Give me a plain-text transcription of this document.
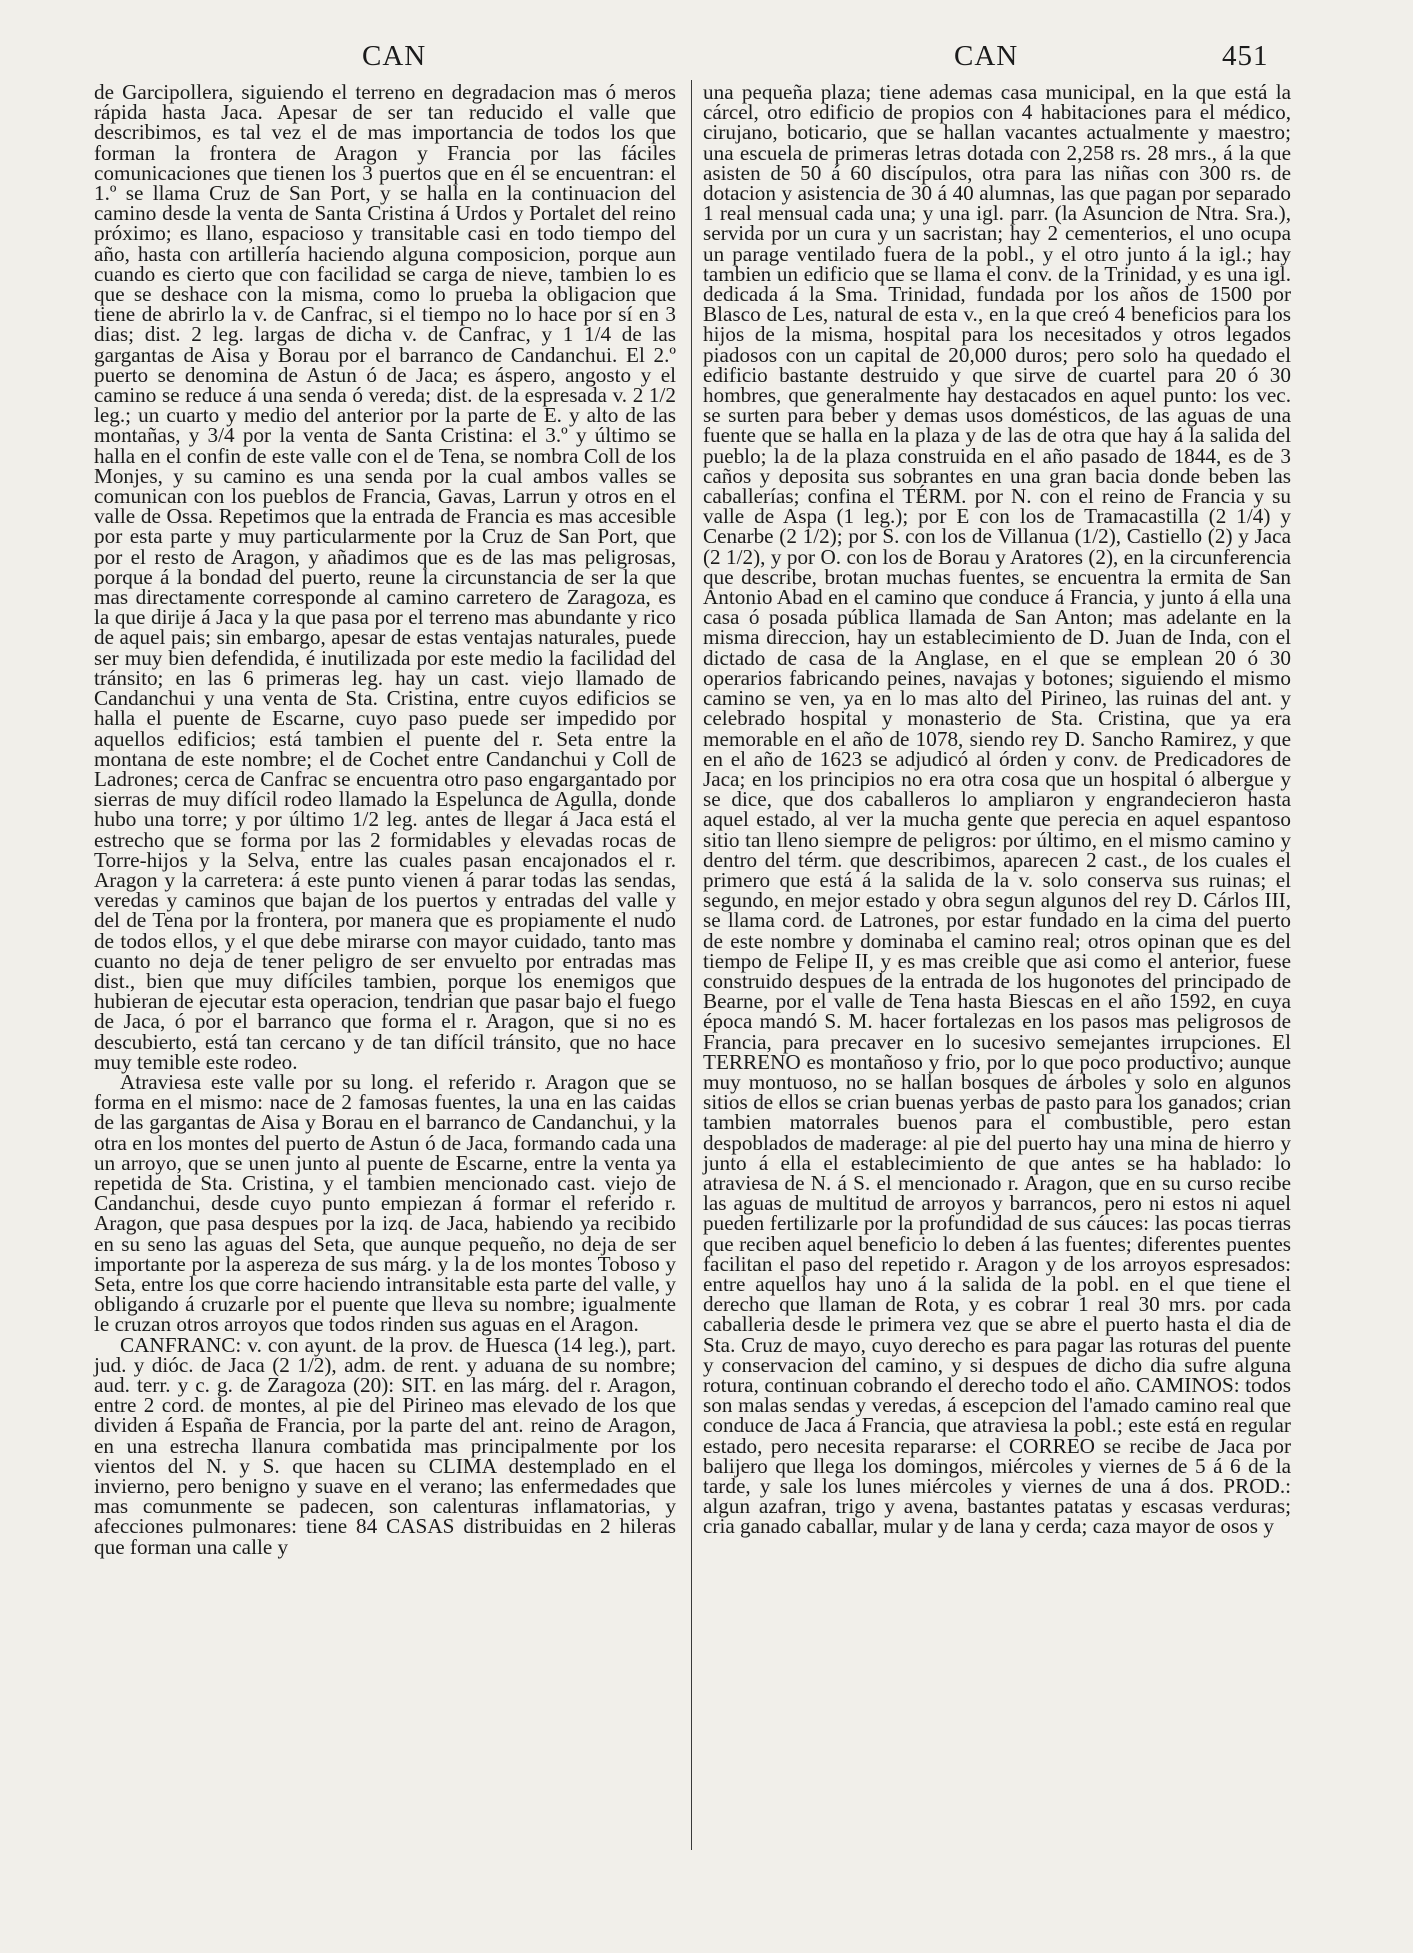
CAN	CAN	451

de Garcipollera, siguiendo el terreno en degradacion mas ó meros rápida hasta Jaca. Apesar de ser tan reducido el valle que describimos, es tal vez el de mas importancia de todos los que forman la frontera de Aragon y Francia por las fáciles comunicaciones que tienen los 3 puertos que en él se encuentran: el 1.º se llama Cruz de San Port, y se halla en la continuacion del camino desde la venta de Santa Cristina á Urdos y Portalet del reino próximo; es llano, espacioso y transitable casi en todo tiempo del año, hasta con artillería haciendo alguna composicion, porque aun cuando es cierto que con facilidad se carga de nieve, tambien lo es que se deshace con la misma, como lo prueba la obligacion que tiene de abrirlo la v. de Canfrac, si el tiempo no lo hace por sí en 3 dias; dist. 2 leg. largas de dicha v. de Canfrac, y 1 1/4 de las gargantas de Aisa y Borau por el barranco de Candanchui. El 2.º puerto se denomina de Astun ó de Jaca; es áspero, angosto y el camino se reduce á una senda ó vereda; dist. de la espresada v. 2 1/2 leg.; un cuarto y medio del anterior por la parte de E. y alto de las montañas, y 3/4 por la venta de Santa Cristina: el 3.º y último se halla en el confin de este valle con el de Tena, se nombra Coll de los Monjes, y su camino es una senda por la cual ambos valles se comunican con los pueblos de Francia, Gavas, Larrun y otros en el valle de Ossa. Repetimos que la entrada de Francia es mas accesible por esta parte y muy particularmente por la Cruz de San Port, que por el resto de Aragon, y añadimos que es de las mas peligrosas, porque á la bondad del puerto, reune la circunstancia de ser la que mas directamente corresponde al camino carretero de Zaragoza, es la que dirije á Jaca y la que pasa por el terreno mas abundante y rico de aquel pais; sin embargo, apesar de estas ventajas naturales, puede ser muy bien defendida, é inutilizada por este medio la facilidad del tránsito; en las 6 primeras leg. hay un cast. viejo llamado de Candanchui y una venta de Sta. Cristina, entre cuyos edificios se halla el puente de Escarne, cuyo paso puede ser impedido por aquellos edificios; está tambien el puente del r. Seta entre la montana de este nombre; el de Cochet entre Candanchui y Coll de Ladrones; cerca de Canfrac se encuentra otro paso engargantado por sierras de muy difícil rodeo llamado la Espelunca de Agulla, donde hubo una torre; y por último 1/2 leg. antes de llegar á Jaca está el estrecho que se forma por las 2 formidables y elevadas rocas de Torre-hijos y la Selva, entre las cuales pasan encajonados el r. Aragon y la carretera: á este punto vienen á parar todas las sendas, veredas y caminos que bajan de los puertos y entradas del valle y del de Tena por la frontera, por manera que es propiamente el nudo de todos ellos, y el que debe mirarse con mayor cuidado, tanto mas cuanto no deja de tener peligro de ser envuelto por entradas mas dist., bien que muy difíciles tambien, porque los enemigos que hubieran de ejecutar esta operacion, tendrian que pasar bajo el fuego de Jaca, ó por el barranco que forma el r. Aragon, que si no es descubierto, está tan cercano y de tan difícil tránsito, que no hace muy temible este rodeo.

Atraviesa este valle por su long. el referido r. Aragon que se forma en el mismo: nace de 2 famosas fuentes, la una en las caidas de las gargantas de Aisa y Borau en el barranco de Candanchui, y la otra en los montes del puerto de Astun ó de Jaca, formando cada una un arroyo, que se unen junto al puente de Escarne, entre la venta ya repetida de Sta. Cristina, y el tambien mencionado cast. viejo de Candanchui, desde cuyo punto empiezan á formar el referido r. Aragon, que pasa despues por la izq. de Jaca, habiendo ya recibido en su seno las aguas del Seta, que aunque pequeño, no deja de ser importante por la aspereza de sus márg. y la de los montes Toboso y Seta, entre los que corre haciendo intransitable esta parte del valle, y obligando á cruzarle por el puente que lleva su nombre; igualmente le cruzan otros arroyos que todos rinden sus aguas en el Aragon.

CANFRANC: v. con ayunt. de la prov. de Huesca (14 leg.), part. jud. y dióc. de Jaca (2 1/2), adm. de rent. y aduana de su nombre; aud. terr. y c. g. de Zaragoza (20): SIT. en las márg. del r. Aragon, entre 2 cord. de montes, al pie del Pirineo mas elevado de los que dividen á España de Francia, por la parte del ant. reino de Aragon, en una estrecha llanura combatida mas principalmente por los vientos del N. y S. que hacen su CLIMA destemplado en el invierno, pero benigno y suave en el verano; las enfermedades que mas comunmente se padecen, son calenturas inflamatorias, y afecciones pulmonares: tiene 84 CASAS distribuidas en 2 hileras que forman una calle y

una pequeña plaza; tiene ademas casa municipal, en la que está la cárcel, otro edificio de propios con 4 habitaciones para el médico, cirujano, boticario, que se hallan vacantes actualmente y maestro; una escuela de primeras letras dotada con 2,258 rs. 28 mrs., á la que asisten de 50 á 60 discípulos, otra para las niñas con 300 rs. de dotacion y asistencia de 30 á 40 alumnas, las que pagan por separado 1 real mensual cada una; y una igl. parr. (la Asuncion de Ntra. Sra.), servida por un cura y un sacristan; hay 2 cementerios, el uno ocupa un parage ventilado fuera de la pobl., y el otro junto á la igl.; hay tambien un edificio que se llama el conv. de la Trinidad, y es una igl. dedicada á la Sma. Trinidad, fundada por los años de 1500 por Blasco de Les, natural de esta v., en la que creó 4 beneficios para los hijos de la misma, hospital para los necesitados y otros legados piadosos con un capital de 20,000 duros; pero solo ha quedado el edificio bastante destruido y que sirve de cuartel para 20 ó 30 hombres, que generalmente hay destacados en aquel punto: los vec. se surten para beber y demas usos domésticos, de las aguas de una fuente que se halla en la plaza y de las de otra que hay á la salida del pueblo; la de la plaza construida en el año pasado de 1844, es de 3 caños y deposita sus sobrantes en una gran bacia donde beben las caballerías; confina el TÉRM. por N. con el reino de Francia y su valle de Aspa (1 leg.); por E con los de Tramacastilla (2 1/4) y Cenarbe (2 1/2); por S. con los de Villanua (1/2), Castiello (2) y Jaca (2 1/2), y por O. con los de Borau y Aratores (2), en la circunferencia que describe, brotan muchas fuentes, se encuentra la ermita de San Antonio Abad en el camino que conduce á Francia, y junto á ella una casa ó posada pública llamada de San Anton; mas adelante en la misma direccion, hay un establecimiento de D. Juan de Inda, con el dictado de casa de la Anglase, en el que se emplean 20 ó 30 operarios fabricando peines, navajas y botones; siguiendo el mismo camino se ven, ya en lo mas alto del Pirineo, las ruinas del ant. y celebrado hospital y monasterio de Sta. Cristina, que ya era memorable en el año de 1078, siendo rey D. Sancho Ramirez, y que en el año de 1623 se adjudicó al órden y conv. de Predicadores de Jaca; en los principios no era otra cosa que un hospital ó albergue y se dice, que dos caballeros lo ampliaron y engrandecieron hasta aquel estado, al ver la mucha gente que perecia en aquel espantoso sitio tan lleno siempre de peligros: por último, en el mismo camino y dentro del térm. que describimos, aparecen 2 cast., de los cuales el primero que está á la salida de la v. solo conserva sus ruinas; el segundo, en mejor estado y obra segun algunos del rey D. Cárlos III, se llama cord. de Latrones, por estar fundado en la cima del puerto de este nombre y dominaba el camino real; otros opinan que es del tiempo de Felipe II, y es mas creible que asi como el anterior, fuese construido despues de la entrada de los hugonotes del principado de Bearne, por el valle de Tena hasta Biescas en el año 1592, en cuya época mandó S. M. hacer fortalezas en los pasos mas peligrosos de Francia, para precaver en lo sucesivo semejantes irrupciones. El TERRENO es montañoso y frio, por lo que poco productivo; aunque muy montuoso, no se hallan bosques de árboles y solo en algunos sitios de ellos se crian buenas yerbas de pasto para los ganados; crian tambien matorrales buenos para el combustible, pero estan despoblados de maderage: al pie del puerto hay una mina de hierro y junto á ella el establecimiento de que antes se ha hablado: lo atraviesa de N. á S. el mencionado r. Aragon, que en su curso recibe las aguas de multitud de arroyos y barrancos, pero ni estos ni aquel pueden fertilizarle por la profundidad de sus cáuces: las pocas tierras que reciben aquel beneficio lo deben á las fuentes; diferentes puentes facilitan el paso del repetido r. Aragon y de los arroyos espresados: entre aquellos hay uno á la salida de la pobl. en el que tiene el derecho que llaman de Rota, y es cobrar 1 real 30 mrs. por cada caballeria desde le primera vez que se abre el puerto hasta el dia de Sta. Cruz de mayo, cuyo derecho es para pagar las roturas del puente y conservacion del camino, y si despues de dicho dia sufre alguna rotura, continuan cobrando el derecho todo el año. CAMINOS: todos son malas sendas y veredas, á escepcion del l'amado camino real que conduce de Jaca á Francia, que atraviesa la pobl.; este está en regular estado, pero necesita repararse: el CORREO se recibe de Jaca por balijero que llega los domingos, miércoles y viernes de 5 á 6 de la tarde, y sale los lunes miércoles y viernes de una á dos. PROD.: algun azafran, trigo y avena, bastantes patatas y escasas verduras; cria ganado caballar, mular y de lana y cerda; caza mayor de osos y
